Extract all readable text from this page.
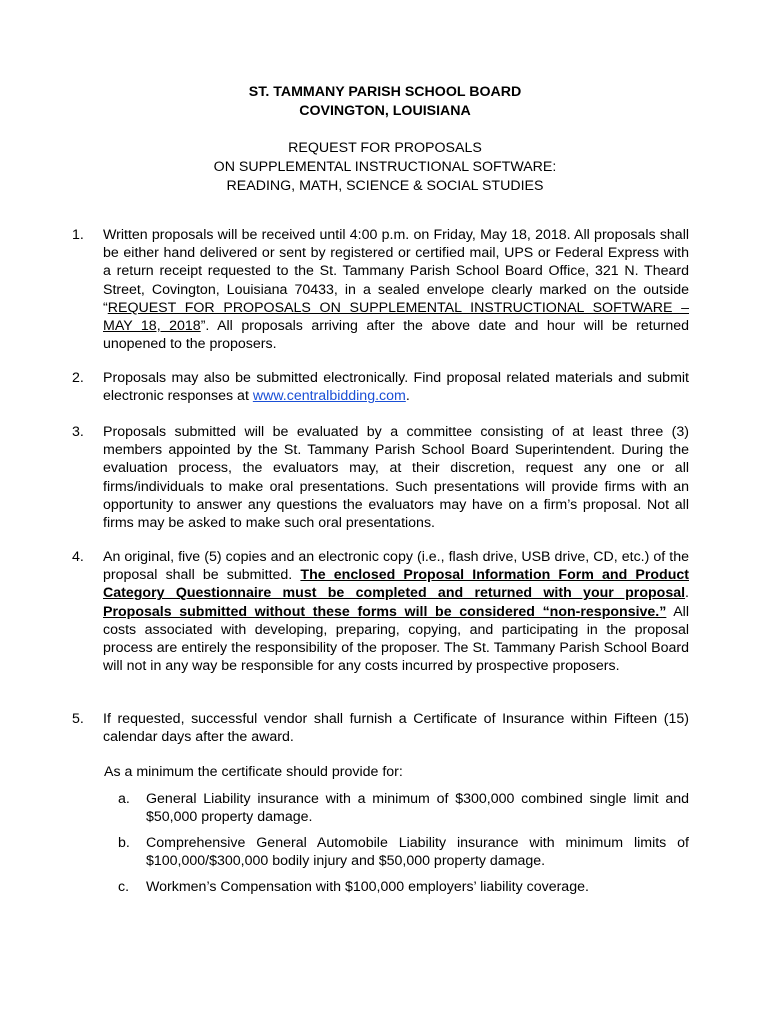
ST. TAMMANY PARISH SCHOOL BOARD
COVINGTON, LOUISIANA
REQUEST FOR PROPOSALS
ON SUPPLEMENTAL INSTRUCTIONAL SOFTWARE:
READING, MATH, SCIENCE & SOCIAL STUDIES
1.	Written proposals will be received until 4:00 p.m. on Friday, May 18, 2018. All proposals shall be either hand delivered or sent by registered or certified mail, UPS or Federal Express with a return receipt requested to the St. Tammany Parish School Board Office, 321 N. Theard Street, Covington, Louisiana 70433, in a sealed envelope clearly marked on the outside “REQUEST FOR PROPOSALS ON SUPPLEMENTAL INSTRUCTIONAL SOFTWARE – MAY 18, 2018”. All proposals arriving after the above date and hour will be returned unopened to the proposers.
2.	Proposals may also be submitted electronically. Find proposal related materials and submit electronic responses at www.centralbidding.com.
3.	Proposals submitted will be evaluated by a committee consisting of at least three (3) members appointed by the St. Tammany Parish School Board Superintendent. During the evaluation process, the evaluators may, at their discretion, request any one or all firms/individuals to make oral presentations. Such presentations will provide firms with an opportunity to answer any questions the evaluators may have on a firm’s proposal. Not all firms may be asked to make such oral presentations.
4.	An original, five (5) copies and an electronic copy (i.e., flash drive, USB drive, CD, etc.) of the proposal shall be submitted. The enclosed Proposal Information Form and Product Category Questionnaire must be completed and returned with your proposal. Proposals submitted without these forms will be considered “non-responsive.” All costs associated with developing, preparing, copying, and participating in the proposal process are entirely the responsibility of the proposer. The St. Tammany Parish School Board will not in any way be responsible for any costs incurred by prospective proposers.
5.	If requested, successful vendor shall furnish a Certificate of Insurance within Fifteen (15) calendar days after the award.
As a minimum the certificate should provide for:
a. General Liability insurance with a minimum of $300,000 combined single limit and $50,000 property damage.
b. Comprehensive General Automobile Liability insurance with minimum limits of $100,000/$300,000 bodily injury and $50,000 property damage.
c. Workmen’s Compensation with $100,000 employers’ liability coverage.
